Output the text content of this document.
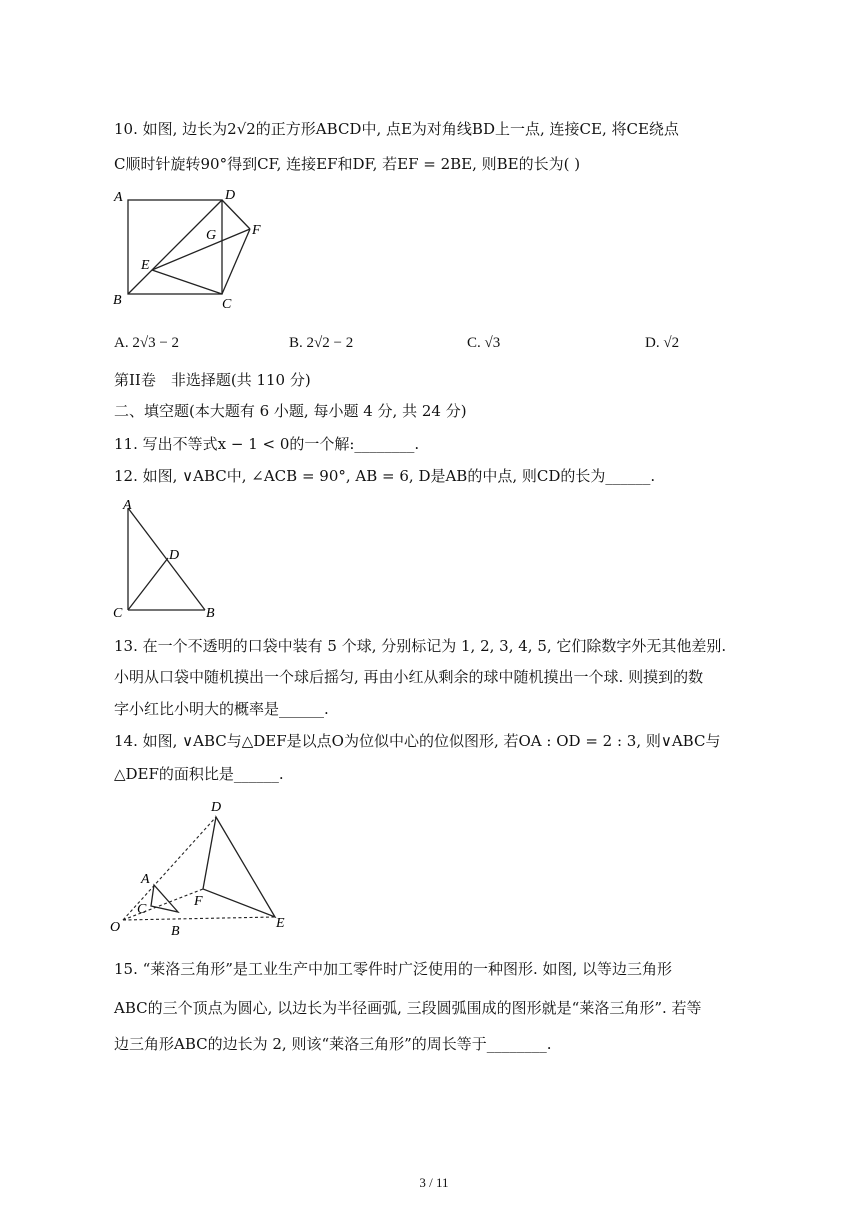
10. 如图, 边长为2√2的正方形ABCD中, 点E为对角线BD上一点, 连接CE, 将CE绕点
C顺时针旋转90°得到CF, 连接EF和DF, 若EF = 2BE, 则BE的长为( )
A	D
G	F
E
B	C
A. 2√3 − 2	B. 2√2 − 2	C. √3	D. √2
第II卷　非选择题(共 110 分)
二、填空题(本大题有 6 小题, 每小题 4 分, 共 24 分)
11. 写出不等式x − 1 < 0的一个解:________.
12. 如图, ∨ABC中, ∠ACB = 90°, AB = 6, D是AB的中点, 则CD的长为______.
A
D
C	B
13. 在一个不透明的口袋中装有 5 个球, 分别标记为 1, 2, 3, 4, 5, 它们除数字外无其他差别.
小明从口袋中随机摸出一个球后摇匀, 再由小红从剩余的球中随机摸出一个球. 则摸到的数
字小红比小明大的概率是______.
14. 如图, ∨ABC与△DEF是以点O为位似中心的位似图形, 若OA : OD = 2 : 3, 则∨ABC与
△DEF的面积比是______.
D
A
F
C
O	B
E
15. “莱洛三角形”是工业生产中加工零件时广泛使用的一种图形. 如图, 以等边三角形
ABC的三个顶点为圆心, 以边长为半径画弧, 三段圆弧围成的图形就是“莱洛三角形”. 若等
边三角形ABC的边长为 2, 则该“莱洛三角形”的周长等于________.
3 / 11
